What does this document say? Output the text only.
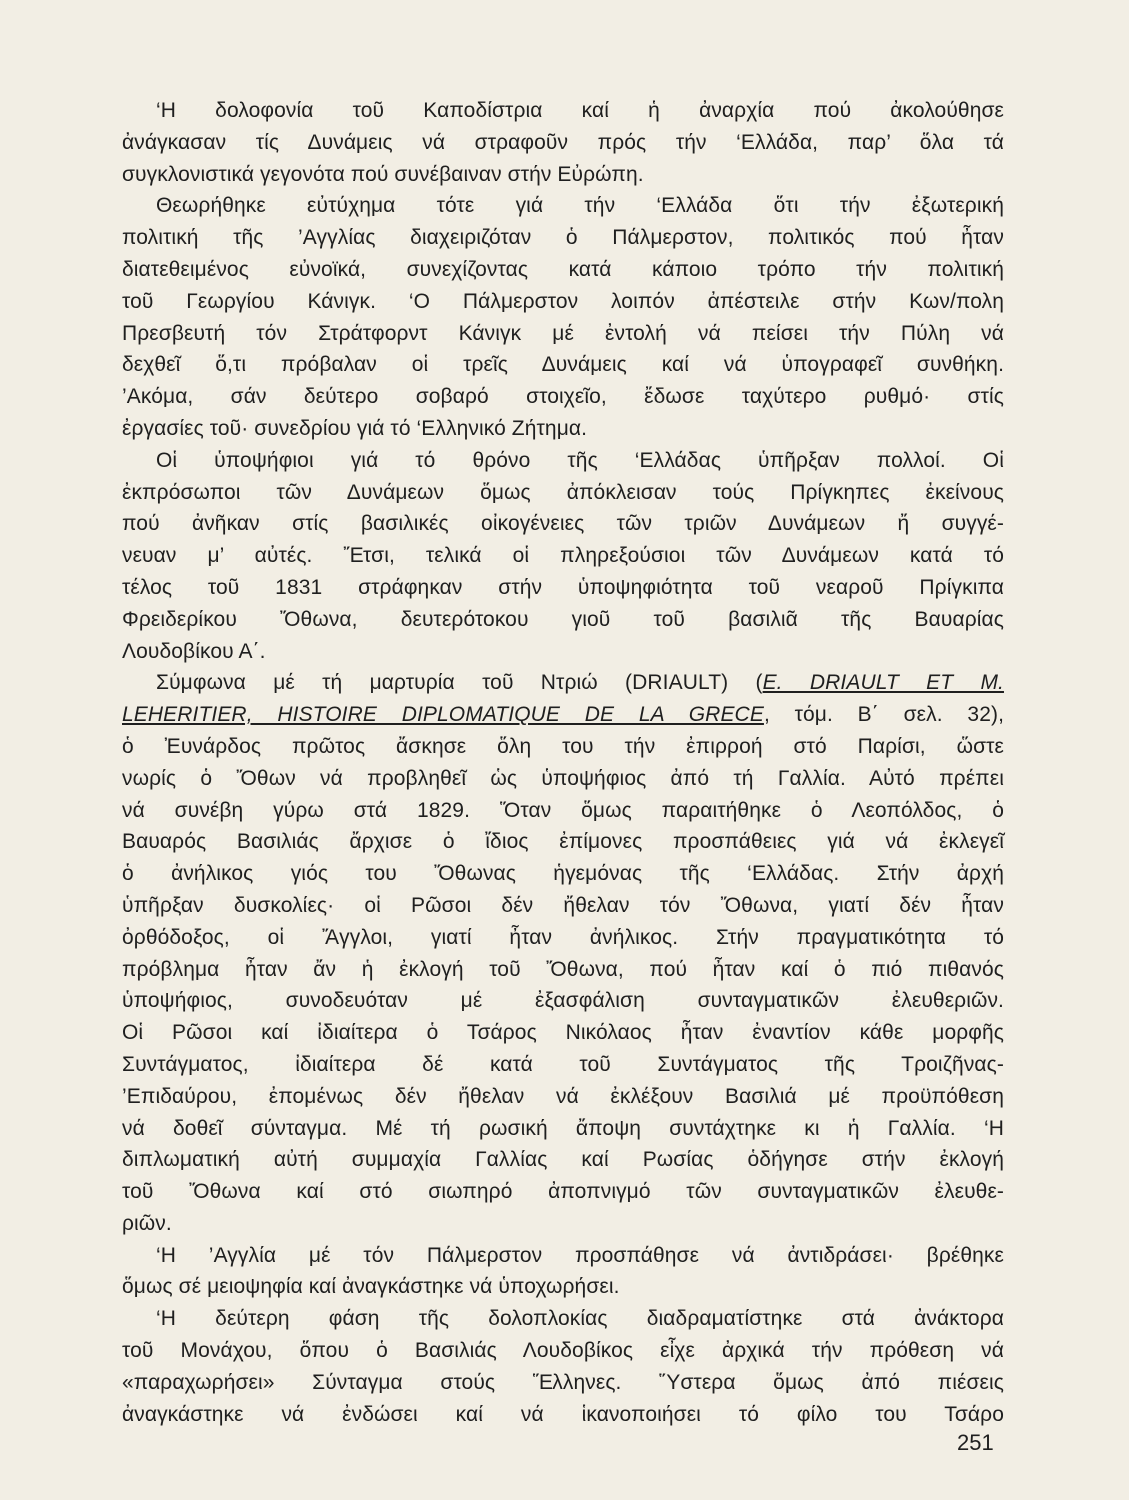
‘Η δολοφονία τοῦ Καποδίστρια καί ἡ ἀναρχία πού ἀκολούθησε
ἀνάγκασαν τίς Δυνάμεις νά στραφοῦν πρός τήν ‘Ελλάδα, παρ’ ὅλα τά
συγκλονιστικά γεγονότα πού συνέβαιναν στήν Εὐρώπη.
Θεωρήθηκε εὐτύχημα τότε γιά τήν ‘Ελλάδα ὅτι τήν ἐξωτερική
πολιτική τῆς ’Αγγλίας διαχειριζόταν ὁ Πάλμερστον, πολιτικός πού ἦταν
διατεθειμένος εὐνοϊκά, συνεχίζοντας κατά κάποιο τρόπο τήν πολιτική
τοῦ Γεωργίου Κάνιγκ. ‘Ο Πάλμερστον λοιπόν ἀπέστειλε στήν Κων/πολη
Πρεσβευτή τόν Στράτφορντ Κάνιγκ μέ ἐντολή νά πείσει τήν Πύλη νά
δεχθεῖ ὅ,τι πρόβαλαν οἱ τρεῖς Δυνάμεις καί νά ὑπογραφεῖ συνθήκη.
’Ακόμα, σάν δεύτερο σοβαρό στοιχεῖο, ἔδωσε ταχύτερο ρυθμό· στίς
ἐργασίες τοῦ· συνεδρίου γιά τό ‘Ελληνικό Ζήτημα.
Οἱ ὑποψήφιοι γιά τό θρόνο τῆς ‘Ελλάδας ὑπῆρξαν πολλοί. Οἱ
ἐκπρόσωποι τῶν Δυνάμεων ὅμως ἀπόκλεισαν τούς Πρίγκηπες ἐκείνους
πού ἀνῆκαν στίς βασιλικές οἰκογένειες τῶν τριῶν Δυνάμεων ἤ συγγέ-
νευαν μ’ αὐτές. Ἔτσι, τελικά οἱ πληρεξούσιοι τῶν Δυνάμεων κατά τό
τέλος τοῦ 1831 στράφηκαν στήν ὑποψηφιότητα τοῦ νεαροῦ Πρίγκιπα
Φρειδερίκου Ὄθωνα, δευτερότοκου γιοῦ τοῦ βασιλιᾶ τῆς Βαυαρίας
Λουδοβίκου Α΄.
Σύμφωνα μέ τή μαρτυρία τοῦ Ντριώ (DRIAULT) (E. DRIAULT ET M.
LEHERITIER, HISTOIRE DIPLOMATIQUE DE LA GRECE, τόμ. Β΄ σελ. 32),
ὁ Ἐυνάρδος πρῶτος ἄσκησε ὅλη του τήν ἐπιρροή στό Παρίσι, ὥστε
νωρίς ὁ Ὄθων νά προβληθεῖ ὡς ὑποψήφιος ἀπό τή Γαλλία. Αὐτό πρέπει
νά συνέβη γύρω στά 1829. Ὅταν ὅμως παραιτήθηκε ὁ Λεοπόλδος, ὁ
Βαυαρός Βασιλιάς ἄρχισε ὁ ἴδιος ἐπίμονες προσπάθειες γιά νά ἐκλεγεῖ
ὁ ἀνήλικος γιός του Ὄθωνας ἡγεμόνας τῆς ‘Ελλάδας. Στήν ἀρχή
ὑπῆρξαν δυσκολίες· οἱ Ρῶσοι δέν ἤθελαν τόν Ὄθωνα, γιατί δέν ἦταν
ὀρθόδοξος, οἱ Ἄγγλοι, γιατί ἦταν ἀνήλικος. Στήν πραγματικότητα τό
πρόβλημα ἦταν ἄν ἡ ἐκλογή τοῦ Ὄθωνα, πού ἦταν καί ὁ πιό πιθανός
ὑποψήφιος, συνοδευόταν μέ ἐξασφάλιση συνταγματικῶν ἐλευθεριῶν.
Οἱ Ρῶσοι καί ἰδιαίτερα ὁ Τσάρος Νικόλαος ἦταν ἐναντίον κάθε μορφῆς
Συντάγματος, ἰδιαίτερα δέ κατά τοῦ Συντάγματος τῆς Τροιζῆνας-
’Επιδαύρου, ἐπομένως δέν ἤθελαν νά ἐκλέξουν Βασιλιά μέ προϋπόθεση
νά δοθεῖ σύνταγμα. Μέ τή ρωσική ἄποψη συντάχτηκε κι ἡ Γαλλία. ‘Η
διπλωματική αὐτή συμμαχία Γαλλίας καί Ρωσίας ὁδήγησε στήν ἐκλογή
τοῦ Ὄθωνα καί στό σιωπηρό ἀποπνιγμό τῶν συνταγματικῶν ἐλευθε-
ριῶν.
‘Η ’Αγγλία μέ τόν Πάλμερστον προσπάθησε νά ἀντιδράσει· βρέθηκε
ὅμως σέ μειοψηφία καί ἀναγκάστηκε νά ὑποχωρήσει.
‘Η δεύτερη φάση τῆς δολοπλοκίας διαδραματίστηκε στά ἀνάκτορα
τοῦ Μονάχου, ὅπου ὁ Βασιλιάς Λουδοβίκος εἶχε ἀρχικά τήν πρόθεση νά
«παραχωρήσει» Σύνταγμα στούς Ἕλληνες. Ὕστερα ὅμως ἀπό πιέσεις
ἀναγκάστηκε νά ἐνδώσει καί νά ἱκανοποιήσει τό φίλο του Τσάρο
251
